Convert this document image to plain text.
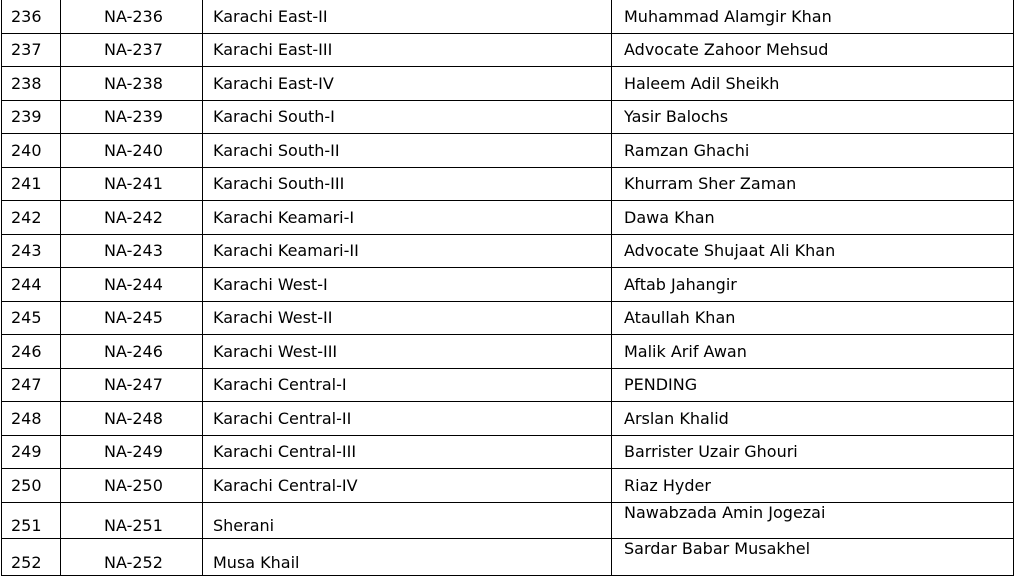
236	NA-236	Karachi East-II	Muhammad Alamgir Khan
237	NA-237	Karachi East-III	Advocate Zahoor Mehsud
238	NA-238	Karachi East-IV	Haleem Adil Sheikh
239	NA-239	Karachi South-I	Yasir Balochs
240	NA-240	Karachi South-II	Ramzan Ghachi
241	NA-241	Karachi South-III	Khurram Sher Zaman
242	NA-242	Karachi Keamari-I	Dawa Khan
243	NA-243	Karachi Keamari-II	Advocate Shujaat Ali Khan
244	NA-244	Karachi West-I	Aftab Jahangir
245	NA-245	Karachi West-II	Ataullah Khan
246	NA-246	Karachi West-III	Malik Arif Awan
247	NA-247	Karachi Central-I	PENDING
248	NA-248	Karachi Central-II	Arslan Khalid
249	NA-249	Karachi Central-III	Barrister Uzair Ghouri
250	NA-250	Karachi Central-IV	Riaz Hyder
251	NA-251	Sherani	Nawabzada Amin Jogezai
252	NA-252	Musa Khail	Sardar Babar Musakhel
